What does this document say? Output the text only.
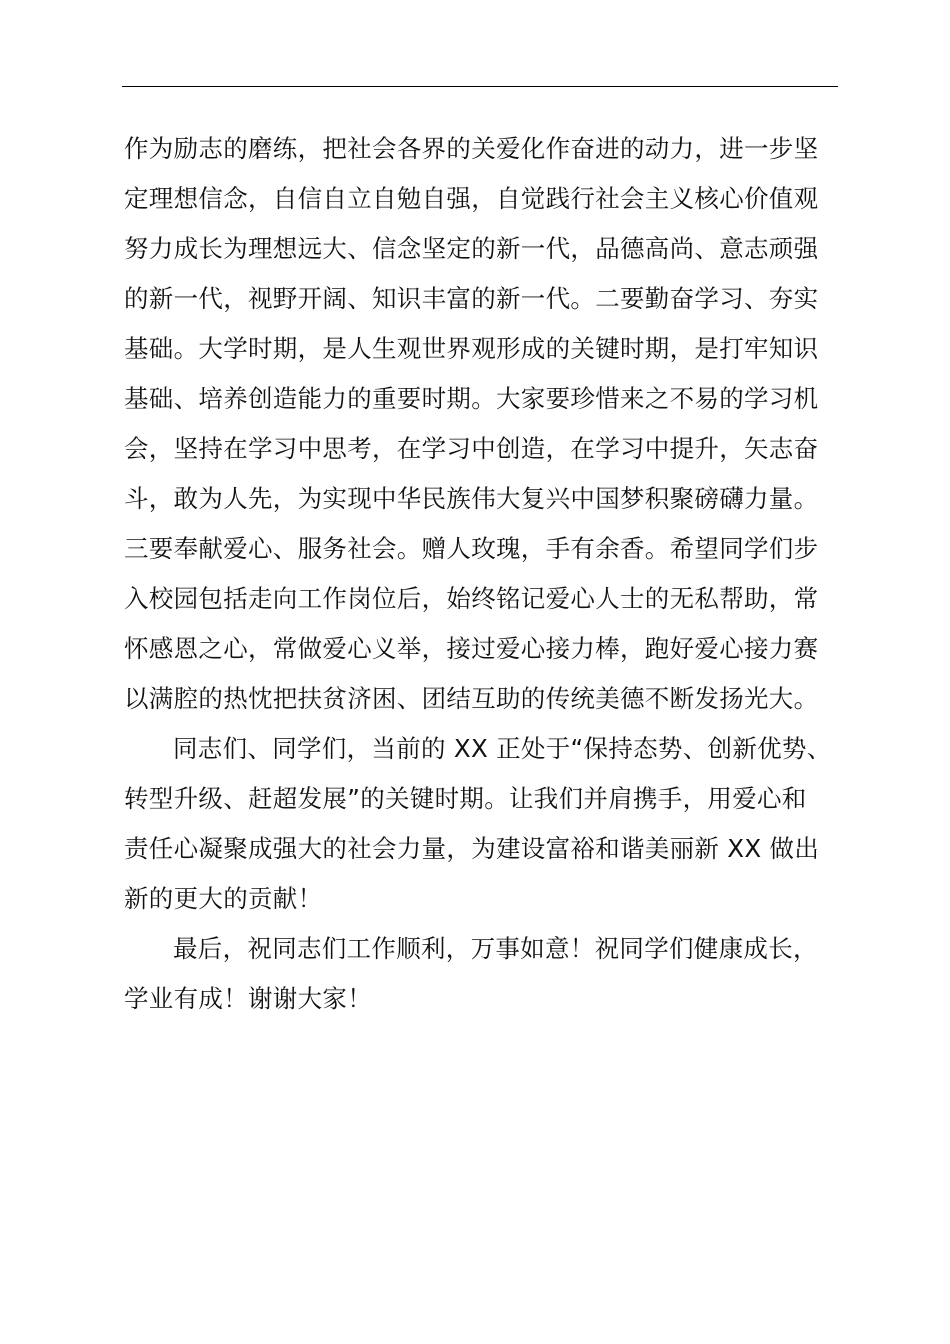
作为励志的磨练，把社会各界的关爱化作奋进的动力，进一步坚
定理想信念，自信自立自勉自强，自觉践行社会主义核心价值观
努力成长为理想远大、信念坚定的新一代，品德高尚、意志顽强
的新一代，视野开阔、知识丰富的新一代。二要勤奋学习、夯实
基础。大学时期，是人生观世界观形成的关键时期，是打牢知识
基础、培养创造能力的重要时期。大家要珍惜来之不易的学习机
会，坚持在学习中思考，在学习中创造，在学习中提升，矢志奋
斗，敢为人先，为实现中华民族伟大复兴中国梦积聚磅礴力量。
三要奉献爱心、服务社会。赠人玫瑰，手有余香。希望同学们步
入校园包括走向工作岗位后，始终铭记爱心人士的无私帮助，常
怀感恩之心，常做爱心义举，接过爱心接力棒，跑好爱心接力赛
以满腔的热忱把扶贫济困、团结互助的传统美德不断发扬光大。
同志们、同学们，当前的 XX 正处于“保持态势、创新优势、
转型升级、赶超发展”的关键时期。让我们并肩携手，用爱心和
责任心凝聚成强大的社会力量，为建设富裕和谐美丽新 XX 做出
新的更大的贡献！
最后，祝同志们工作顺利，万事如意！祝同学们健康成长，
学业有成！谢谢大家！
